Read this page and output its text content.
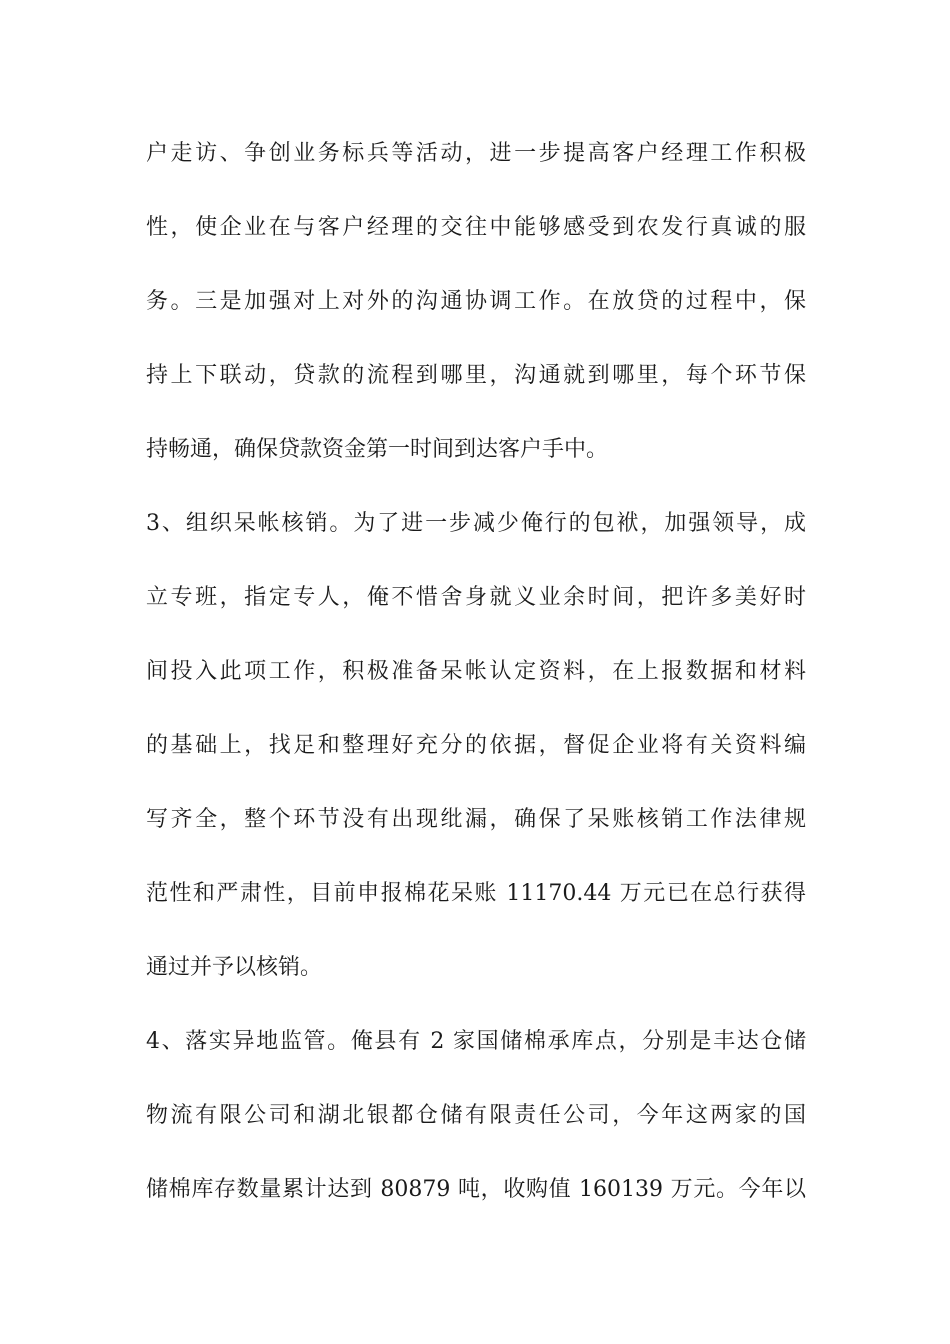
户走访、争创业务标兵等活动，进一步提高客户经理工作积极
性，使企业在与客户经理的交往中能够感受到农发行真诚的服
务。三是加强对上对外的沟通协调工作。在放贷的过程中，保
持上下联动，贷款的流程到哪里，沟通就到哪里，每个环节保
持畅通，确保贷款资金第一时间到达客户手中。
3、组织呆帐核销。为了进一步减少俺行的包袱，加强领导，成
立专班，指定专人，俺不惜舍身就义业余时间，把许多美好时
间投入此项工作，积极准备呆帐认定资料，在上报数据和材料
的基础上，找足和整理好充分的依据，督促企业将有关资料编
写齐全，整个环节没有出现纰漏，确保了呆账核销工作法律规
范性和严肃性，目前申报棉花呆账 11170.44 万元已在总行获得
通过并予以核销。
4、落实异地监管。俺县有 2 家国储棉承库点，分别是丰达仓储
物流有限公司和湖北银都仓储有限责任公司，今年这两家的国
储棉库存数量累计达到 80879 吨，收购值 160139 万元。今年以
